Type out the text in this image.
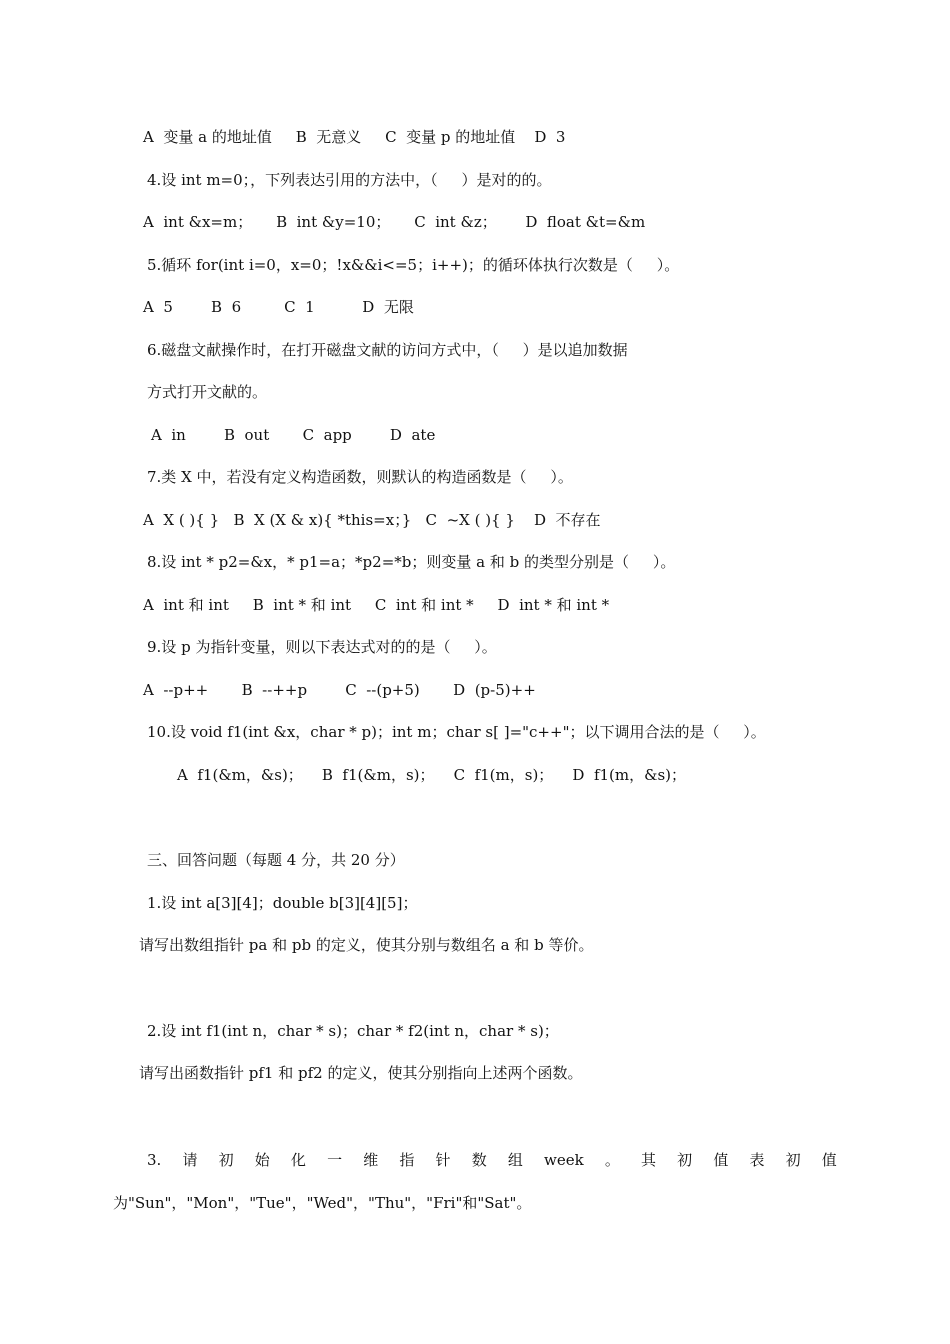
A  变量 a 的地址值     B  无意义     C  变量 p 的地址值    D  3

4.设 int m=0；，下列表达引用的方法中，（     ）是对的的。

A  int &x=m；     B  int &y=10；     C  int &z；      D  float &t=&m

5.循环 for(int i=0，x=0；!x&&i<=5；i++)；的循环体执行次数是（     ）。

A  5        B  6         C  1          D  无限

6.磁盘文献操作时，在打开磁盘文献的访问方式中，（     ）是以追加数据

方式打开文献的。

A  in        B  out       C  app        D  ate

7.类 X 中，若没有定义构造函数，则默认的构造函数是（     ）。

A  X ( ){ }   B  X (X & x){ *this=x；}   C  ~X ( ){ }    D  不存在

8.设 int * p2=&x，* p1=a；*p2=*b；则变量 a 和 b 的类型分别是（     ）。

A  int 和 int     B  int * 和 int     C  int 和 int *     D  int * 和 int *

9.设 p 为指针变量，则以下表达式对的的是（     ）。

A  --p++       B  --++p        C  --(p+5)       D  (p-5)++

10.设 void f1(int &x，char * p)；int m；char s[ ]="c++"；以下调用合法的是（     ）。

A  f1(&m，&s)；    B  f1(&m，s)；    C  f1(m，s)；    D  f1(m，&s)；

三、回答问题（每题 4 分，共 20 分）

1.设 int a[3][4]；double b[3][4][5]；

请写出数组指针 pa 和 pb 的定义，使其分别与数组名 a 和 b 等价。

2.设 int f1(int n，char * s)；char * f2(int n，char * s)；

请写出函数指针 pf1 和 pf2 的定义，使其分别指向上述两个函数。

3. 请 初 始 化 一 维 指 针 数 组 week 。 其 初 值 表 初 值

为"Sun"，"Mon"，"Tue"，"Wed"，"Thu"，"Fri"和"Sat"。
